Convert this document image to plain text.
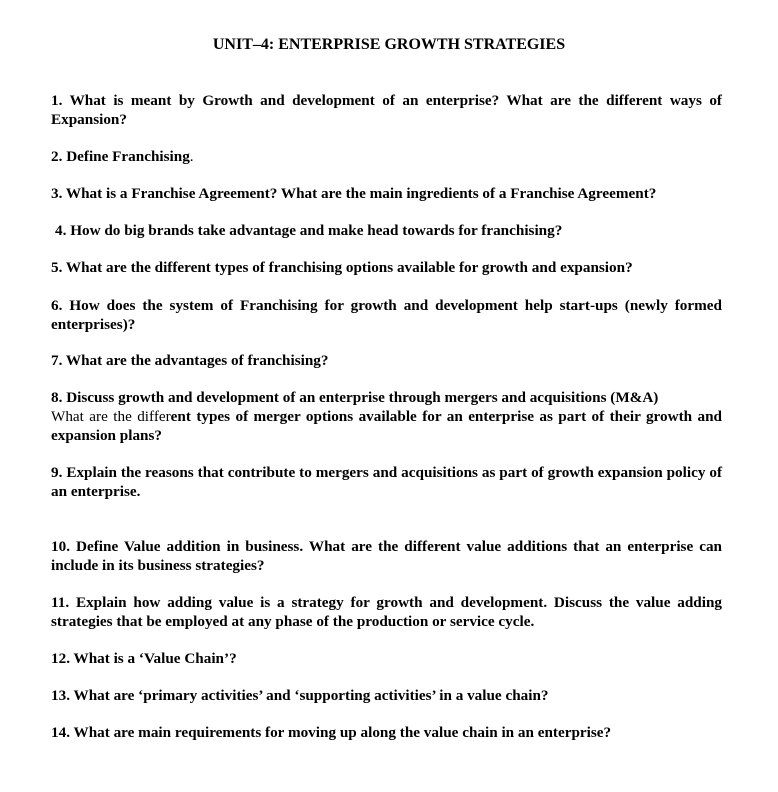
UNIT–4: ENTERPRISE GROWTH STRATEGIES

1. What is meant by Growth and development of an enterprise? What are the different ways of Expansion?

2. Define Franchising.

3. What is a Franchise Agreement? What are the main ingredients of a Franchise Agreement?

4. How do big brands take advantage and make head towards for franchising?

5. What are the different types of franchising options available for growth and expansion?

6. How does the system of Franchising for growth and development help start-ups (newly formed enterprises)?

7. What are the advantages of franchising?

8. Discuss growth and development of an enterprise through mergers and acquisitions (M&A)
What are the different types of merger options available for an enterprise as part of their growth and expansion plans?

9. Explain the reasons that contribute to mergers and acquisitions as part of growth expansion policy of an enterprise.

10. Define Value addition in business. What are the different value additions that an enterprise can include in its business strategies?

11. Explain how adding value is a strategy for growth and development. Discuss the value adding strategies that be employed at any phase of the production or service cycle.

12. What is a ‘Value Chain’?

13. What are ‘primary activities’ and ‘supporting activities’ in a value chain?

14. What are main requirements for moving up along the value chain in an enterprise?
